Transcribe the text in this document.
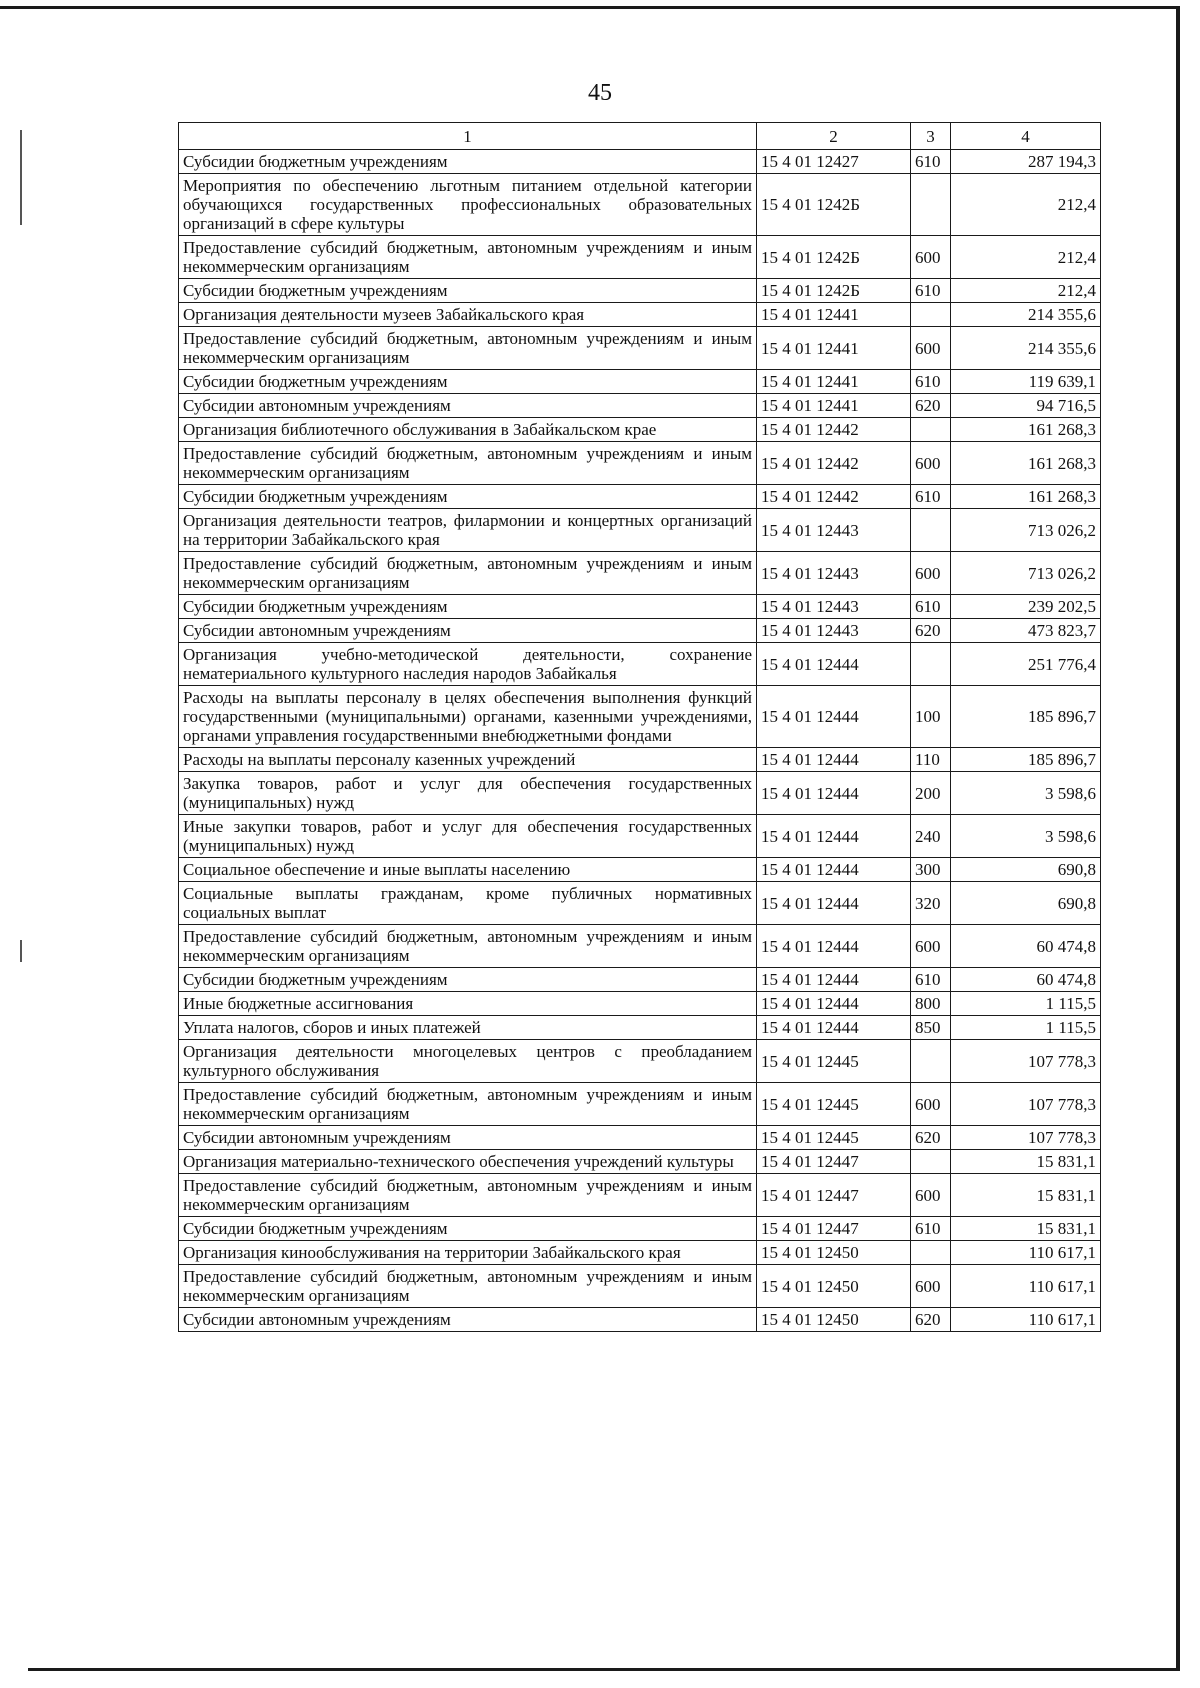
45
1	2	3	4
Субсидии бюджетным учреждениям	15 4 01 12427	610	287 194,3
Мероприятия по обеспечению льготным питанием отдельной категории обучающихся государственных профессиональных образовательных организаций в сфере культуры	15 4 01 1242Б		212,4
Предоставление субсидий бюджетным, автономным учреждениям и иным некоммерческим организациям	15 4 01 1242Б	600	212,4
Субсидии бюджетным учреждениям	15 4 01 1242Б	610	212,4
Организация деятельности музеев Забайкальского края	15 4 01 12441		214 355,6
Предоставление субсидий бюджетным, автономным учреждениям и иным некоммерческим организациям	15 4 01 12441	600	214 355,6
Субсидии бюджетным учреждениям	15 4 01 12441	610	119 639,1
Субсидии автономным учреждениям	15 4 01 12441	620	94 716,5
Организация библиотечного обслуживания в Забайкальском крае	15 4 01 12442		161 268,3
Предоставление субсидий бюджетным, автономным учреждениям и иным некоммерческим организациям	15 4 01 12442	600	161 268,3
Субсидии бюджетным учреждениям	15 4 01 12442	610	161 268,3
Организация деятельности театров, филармонии и концертных организаций на территории Забайкальского края	15 4 01 12443		713 026,2
Предоставление субсидий бюджетным, автономным учреждениям и иным некоммерческим организациям	15 4 01 12443	600	713 026,2
Субсидии бюджетным учреждениям	15 4 01 12443	610	239 202,5
Субсидии автономным учреждениям	15 4 01 12443	620	473 823,7
Организация учебно-методической деятельности, сохранение нематериального культурного наследия народов Забайкалья	15 4 01 12444		251 776,4
Расходы на выплаты персоналу в целях обеспечения выполнения функций государственными (муниципальными) органами, казенными учреждениями, органами управления государственными внебюджетными фондами	15 4 01 12444	100	185 896,7
Расходы на выплаты персоналу казенных учреждений	15 4 01 12444	110	185 896,7
Закупка товаров, работ и услуг для обеспечения государственных (муниципальных) нужд	15 4 01 12444	200	3 598,6
Иные закупки товаров, работ и услуг для обеспечения государственных (муниципальных) нужд	15 4 01 12444	240	3 598,6
Социальное обеспечение и иные выплаты населению	15 4 01 12444	300	690,8
Социальные выплаты гражданам, кроме публичных нормативных социальных выплат	15 4 01 12444	320	690,8
Предоставление субсидий бюджетным, автономным учреждениям и иным некоммерческим организациям	15 4 01 12444	600	60 474,8
Субсидии бюджетным учреждениям	15 4 01 12444	610	60 474,8
Иные бюджетные ассигнования	15 4 01 12444	800	1 115,5
Уплата налогов, сборов и иных платежей	15 4 01 12444	850	1 115,5
Организация деятельности многоцелевых центров с преобладанием культурного обслуживания	15 4 01 12445		107 778,3
Предоставление субсидий бюджетным, автономным учреждениям и иным некоммерческим организациям	15 4 01 12445	600	107 778,3
Субсидии автономным учреждениям	15 4 01 12445	620	107 778,3
Организация материально-технического обеспечения учреждений культуры	15 4 01 12447		15 831,1
Предоставление субсидий бюджетным, автономным учреждениям и иным некоммерческим организациям	15 4 01 12447	600	15 831,1
Субсидии бюджетным учреждениям	15 4 01 12447	610	15 831,1
Организация кинообслуживания на территории Забайкальского края	15 4 01 12450		110 617,1
Предоставление субсидий бюджетным, автономным учреждениям и иным некоммерческим организациям	15 4 01 12450	600	110 617,1
Субсидии автономным учреждениям	15 4 01 12450	620	110 617,1
